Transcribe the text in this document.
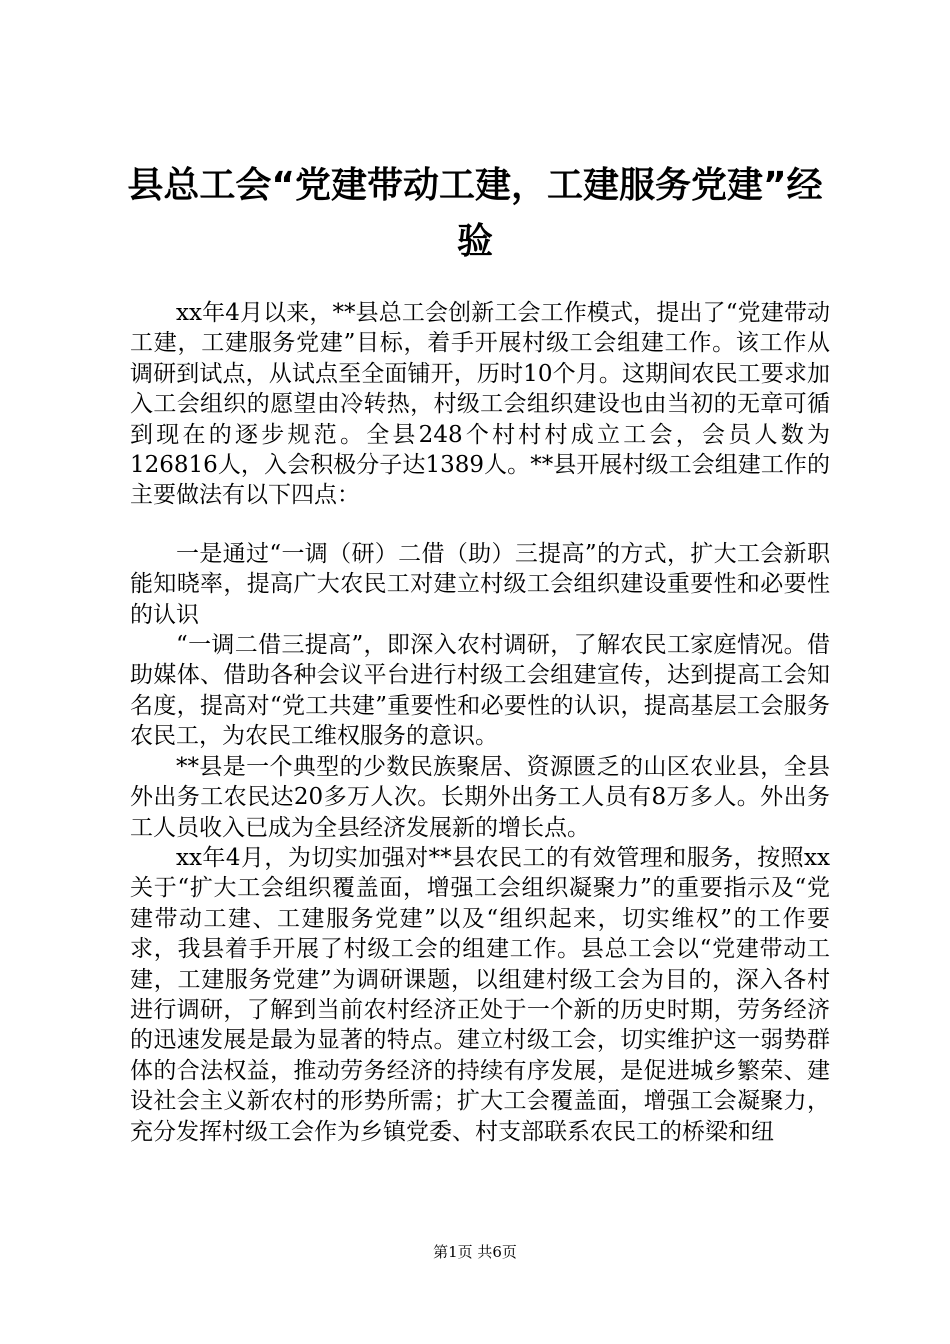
县总工会“党建带动工建，工建服务党建”经验

xx年4月以来，**县总工会创新工会工作模式，提出了“党建带动工建，工建服务党建”目标，着手开展村级工会组建工作。该工作从调研到试点，从试点至全面铺开，历时10个月。这期间农民工要求加入工会组织的愿望由冷转热，村级工会组织建设也由当初的无章可循到现在的逐步规范。全县248个村村村成立工会，会员人数为126816人，入会积极分子达1389人。**县开展村级工会组建工作的主要做法有以下四点：

一是通过“一调（研）二借（助）三提高”的方式，扩大工会新职能知晓率，提高广大农民工对建立村级工会组织建设重要性和必要性的认识

“一调二借三提高”，即深入农村调研，了解农民工家庭情况。借助媒体、借助各种会议平台进行村级工会组建宣传，达到提高工会知名度，提高对“党工共建”重要性和必要性的认识，提高基层工会服务农民工，为农民工维权服务的意识。

**县是一个典型的少数民族聚居、资源匮乏的山区农业县，全县外出务工农民达20多万人次。长期外出务工人员有8万多人。外出务工人员收入已成为全县经济发展新的增长点。

xx年4月，为切实加强对**县农民工的有效管理和服务，按照xx关于“扩大工会组织覆盖面，增强工会组织凝聚力”的重要指示及“党建带动工建、工建服务党建”以及“组织起来，切实维权”的工作要求，我县着手开展了村级工会的组建工作。县总工会以“党建带动工建，工建服务党建”为调研课题，以组建村级工会为目的，深入各村进行调研，了解到当前农村经济正处于一个新的历史时期，劳务经济的迅速发展是最为显著的特点。建立村级工会，切实维护这一弱势群体的合法权益，推动劳务经济的持续有序发展，是促进城乡繁荣、建设社会主义新农村的形势所需；扩大工会覆盖面，增强工会凝聚力，充分发挥村级工会作为乡镇党委、村支部联系农民工的桥梁和纽

第1页 共6页
